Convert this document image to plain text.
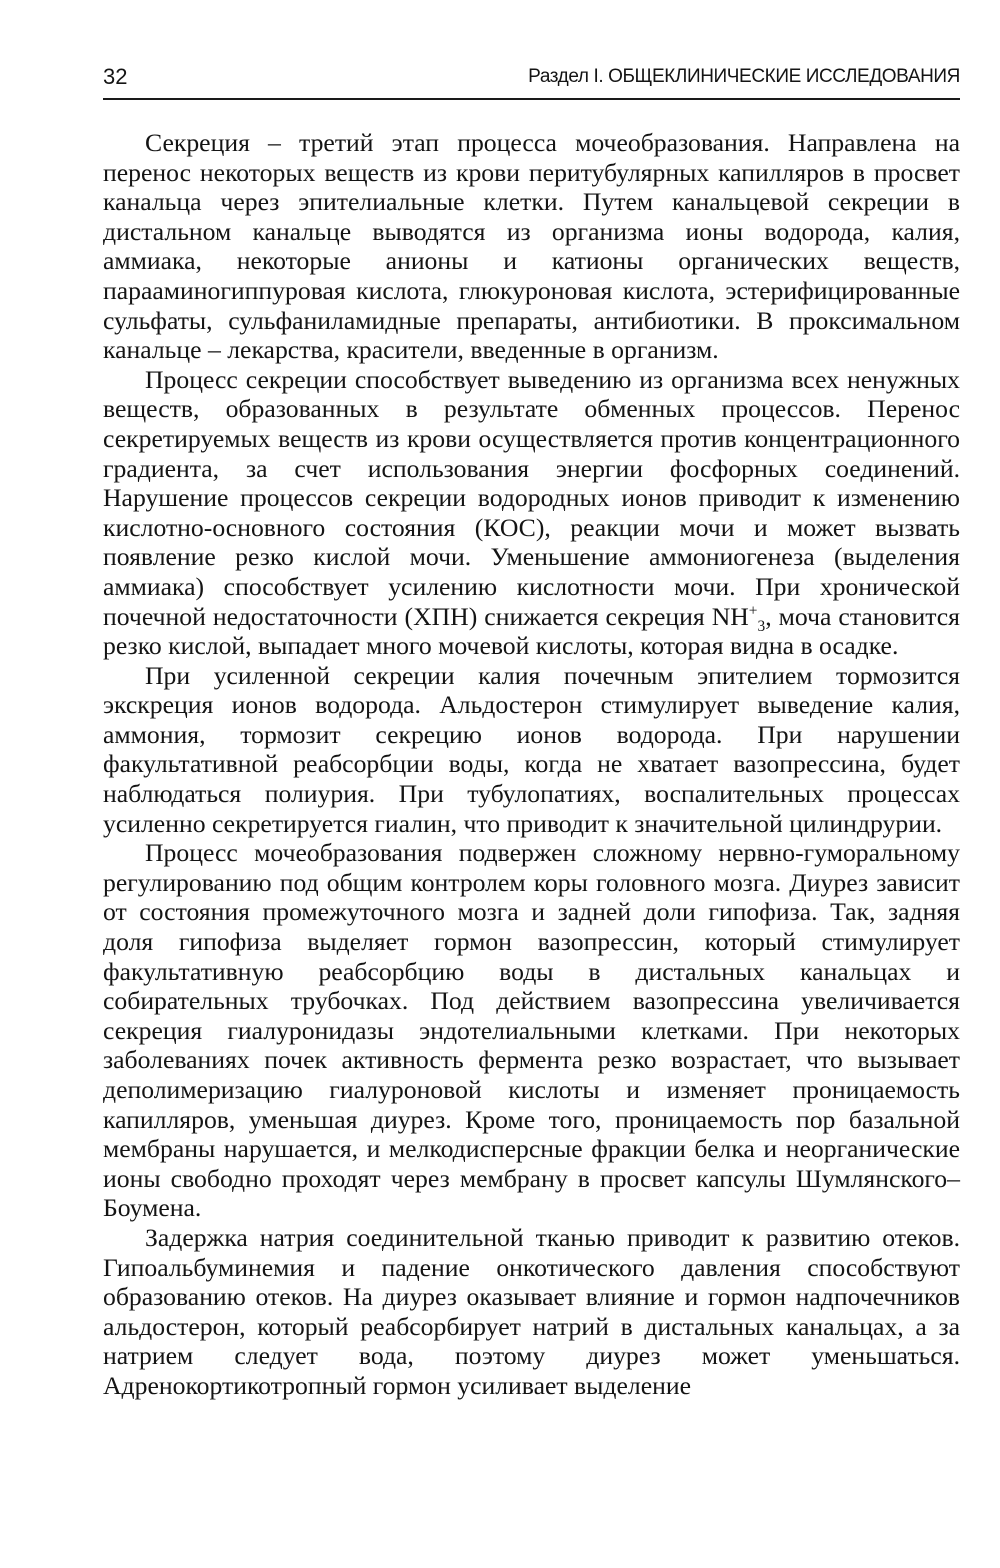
32	Раздел I. ОБЩЕКЛИНИЧЕСКИЕ ИССЛЕДОВАНИЯ

Секреция – третий этап процесса мочеобразования. Направлена на перенос некоторых веществ из крови перитубулярных капилляров в просвет канальца через эпителиальные клетки. Путем канальцевой секреции в дистальном канальце выводятся из организма ионы водорода, калия, аммиака, некоторые анионы и катионы органических веществ, парааминогиппуровая кислота, глюкуроновая кислота, эстерифицированные сульфаты, сульфаниламидные препараты, антибиотики. В проксимальном канальце – лекарства, красители, введенные в организм.

Процесс секреции способствует выведению из организма всех ненужных веществ, образованных в результате обменных процессов. Перенос секретируемых веществ из крови осуществляется против концентрационного градиента, за счет использования энергии фосфорных соединений. Нарушение процессов секреции водородных ионов приводит к изменению кислотно-основного состояния (КОС), реакции мочи и может вызвать появление резко кислой мочи. Уменьшение аммониогенеза (выделения аммиака) способствует усилению кислотности мочи. При хронической почечной недостаточности (ХПН) снижается секреция $NH^+_3$, моча становится резко кислой, выпадает много мочевой кислоты, которая видна в осадке.

При усиленной секреции калия почечным эпителием тормозится экскреция ионов водорода. Альдостерон стимулирует выведение калия, аммония, тормозит секрецию ионов водорода. При нарушении факультативной реабсорбции воды, когда не хватает вазопрессина, будет наблюдаться полиурия. При тубулопатиях, воспалительных процессах усиленно секретируется гиалин, что приводит к значительной цилиндрурии.

Процесс мочеобразования подвержен сложному нервно-гуморальному регулированию под общим контролем коры головного мозга. Диурез зависит от состояния промежуточного мозга и задней доли гипофиза. Так, задняя доля гипофиза выделяет гормон вазопрессин, который стимулирует факультативную реабсорбцию воды в дистальных канальцах и собирательных трубочках. Под действием вазопрессина увеличивается секреция гиалуронидазы эндотелиальными клетками. При некоторых заболеваниях почек активность фермента резко возрастает, что вызывает деполимеризацию гиалуроновой кислоты и изменяет проницаемость капилляров, уменьшая диурез. Кроме того, проницаемость пор базальной мембраны нарушается, и мелкодисперсные фракции белка и неорганические ионы свободно проходят через мембрану в просвет капсулы Шумлянского–Боумена.

Задержка натрия соединительной тканью приводит к развитию отеков. Гипоальбуминемия и падение онкотического давления способствуют образованию отеков. На диурез оказывает влияние и гормон надпочечников альдостерон, который реабсорбирует натрий в дистальных канальцах, а за натрием следует вода, поэтому диурез может уменьшаться. Адренокортикотропный гормон усиливает выделение
